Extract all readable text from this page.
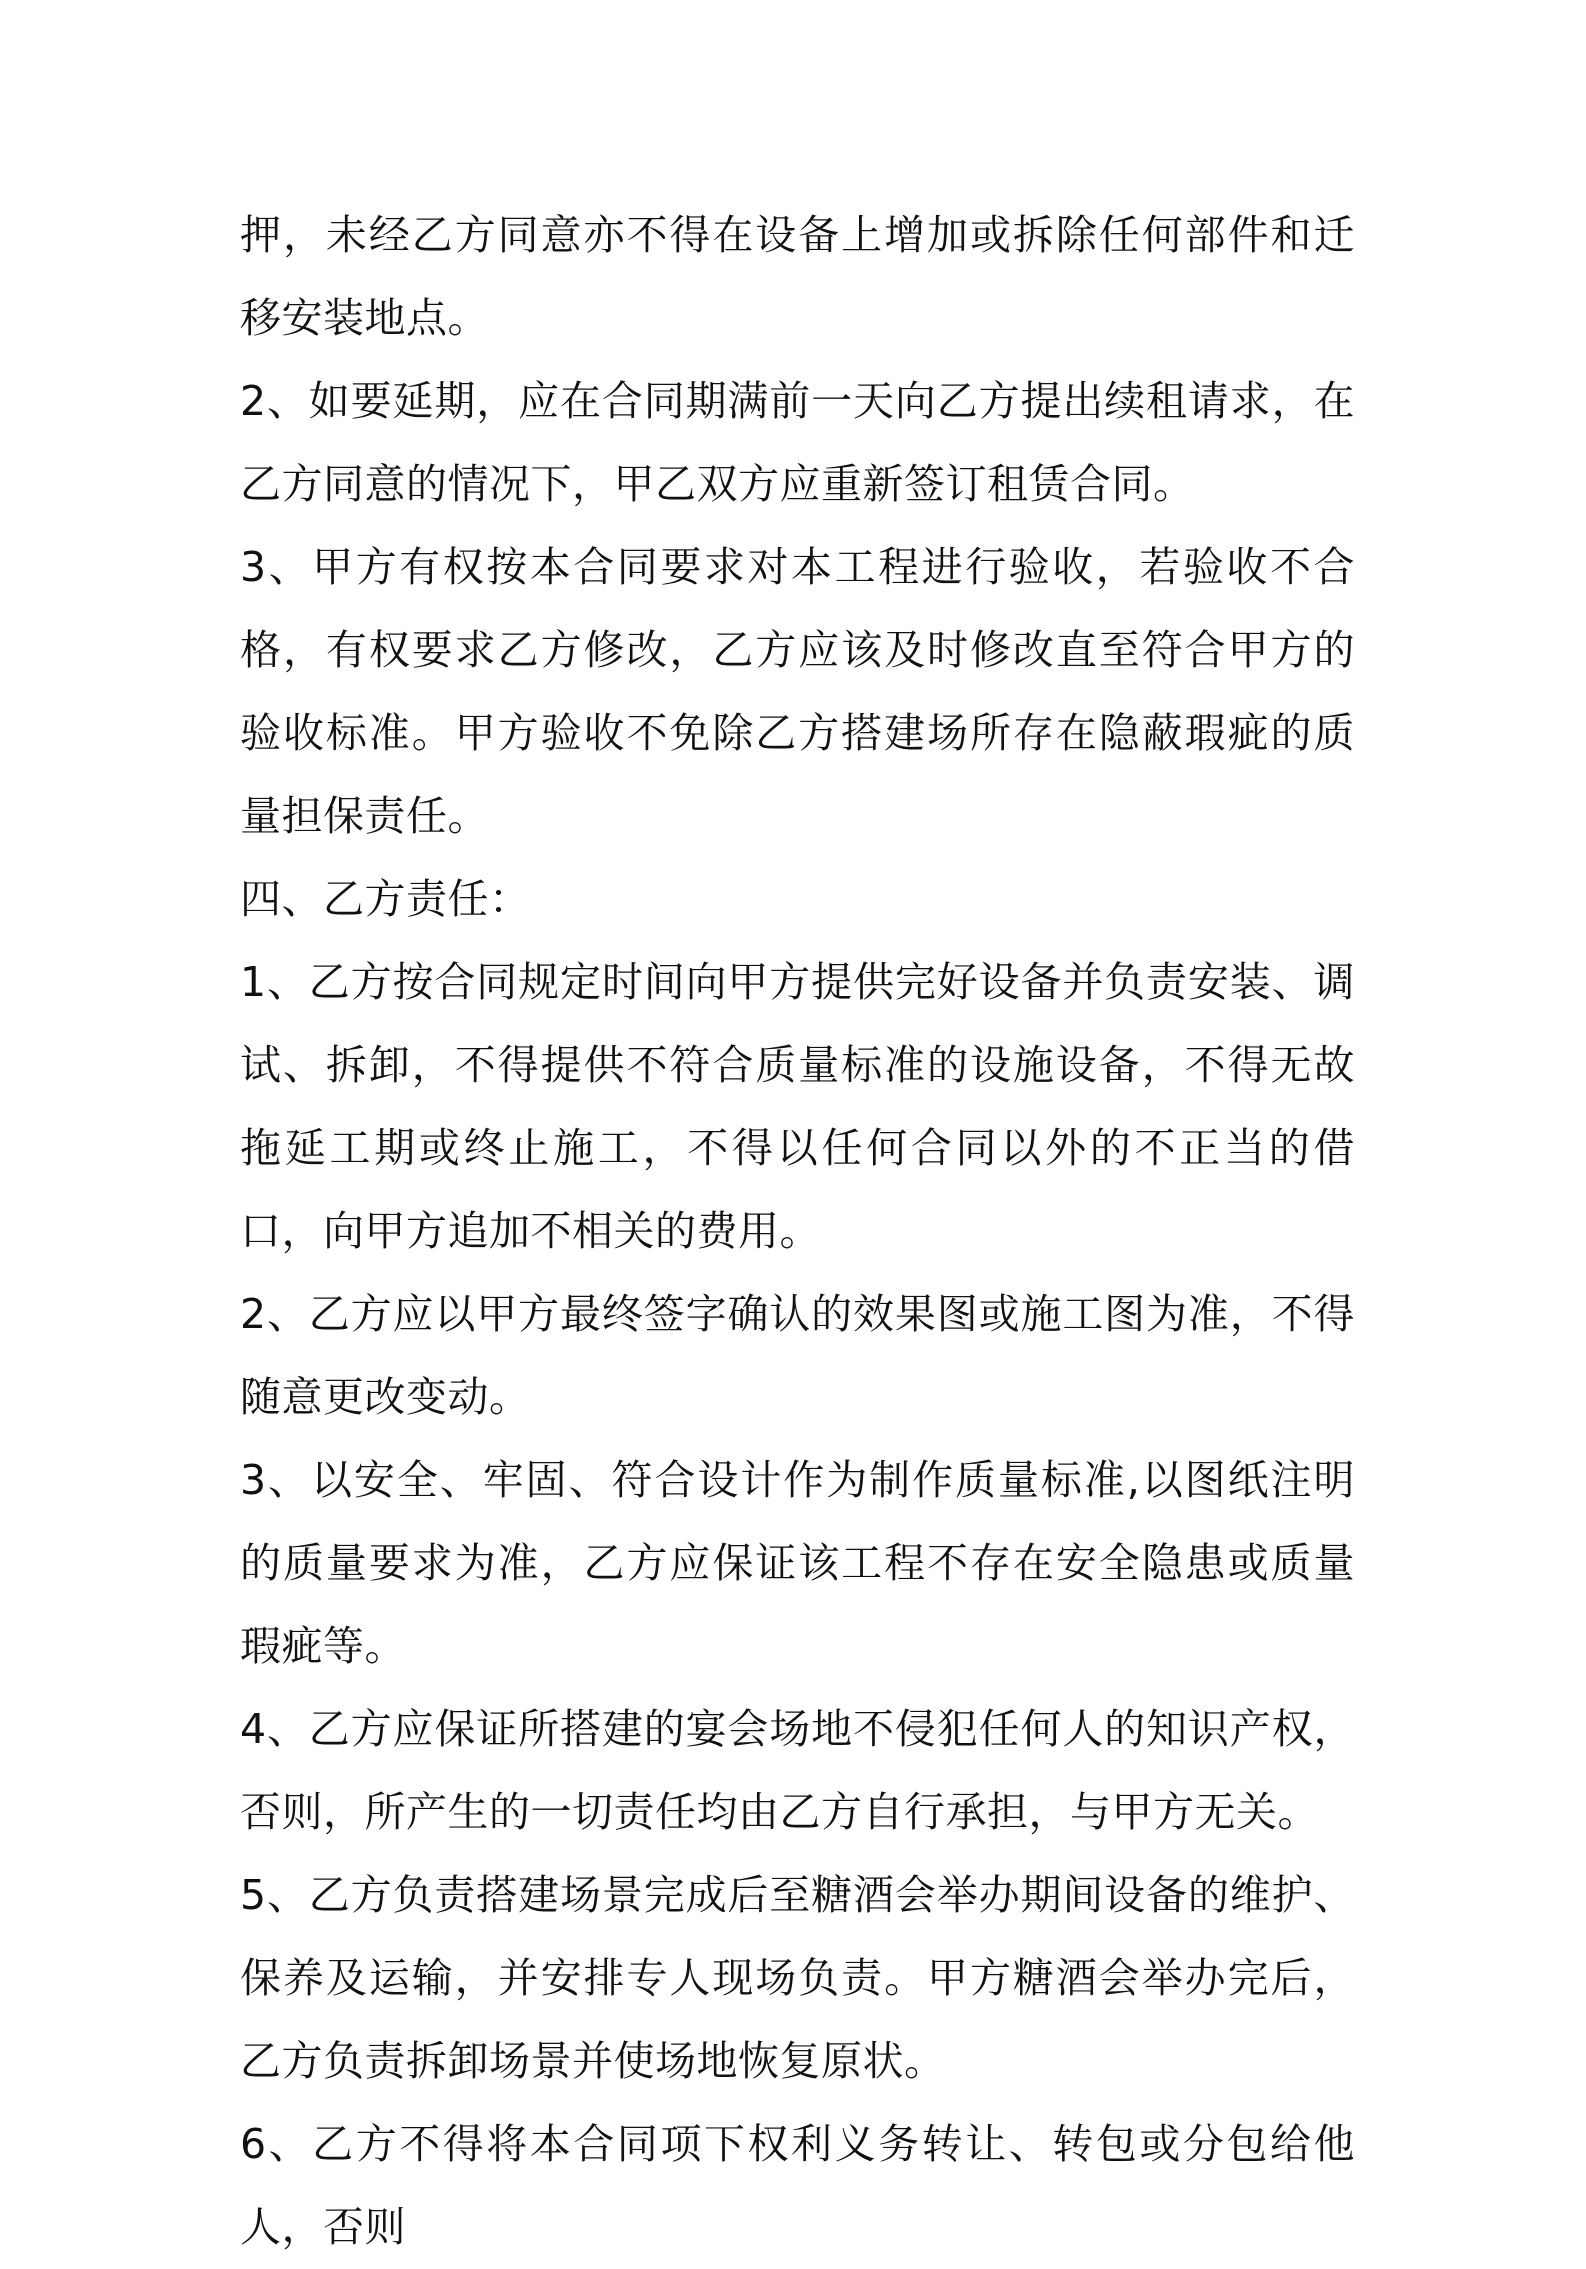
押，未经乙方同意亦不得在设备上增加或拆除任何部件和迁移安装地点。

2、如要延期，应在合同期满前一天向乙方提出续租请求，在乙方同意的情况下，甲乙双方应重新签订租赁合同。

3、甲方有权按本合同要求对本工程进行验收，若验收不合格，有权要求乙方修改，乙方应该及时修改直至符合甲方的验收标准。甲方验收不免除乙方搭建场所存在隐蔽瑕疵的质量担保责任。

四、乙方责任：

1、乙方按合同规定时间向甲方提供完好设备并负责安装、调试、拆卸，不得提供不符合质量标准的设施设备，不得无故拖延工期或终止施工，不得以任何合同以外的不正当的借口，向甲方追加不相关的费用。

2、乙方应以甲方最终签字确认的效果图或施工图为准，不得随意更改变动。

3、以安全、牢固、符合设计作为制作质量标准,以图纸注明的质量要求为准，乙方应保证该工程不存在安全隐患或质量瑕疵等。

4、乙方应保证所搭建的宴会场地不侵犯任何人的知识产权，否则，所产生的一切责任均由乙方自行承担，与甲方无关。

5、乙方负责搭建场景完成后至糖酒会举办期间设备的维护、保养及运输，并安排专人现场负责。甲方糖酒会举办完后，乙方负责拆卸场景并使场地恢复原状。

6、乙方不得将本合同项下权利义务转让、转包或分包给他人，否则
